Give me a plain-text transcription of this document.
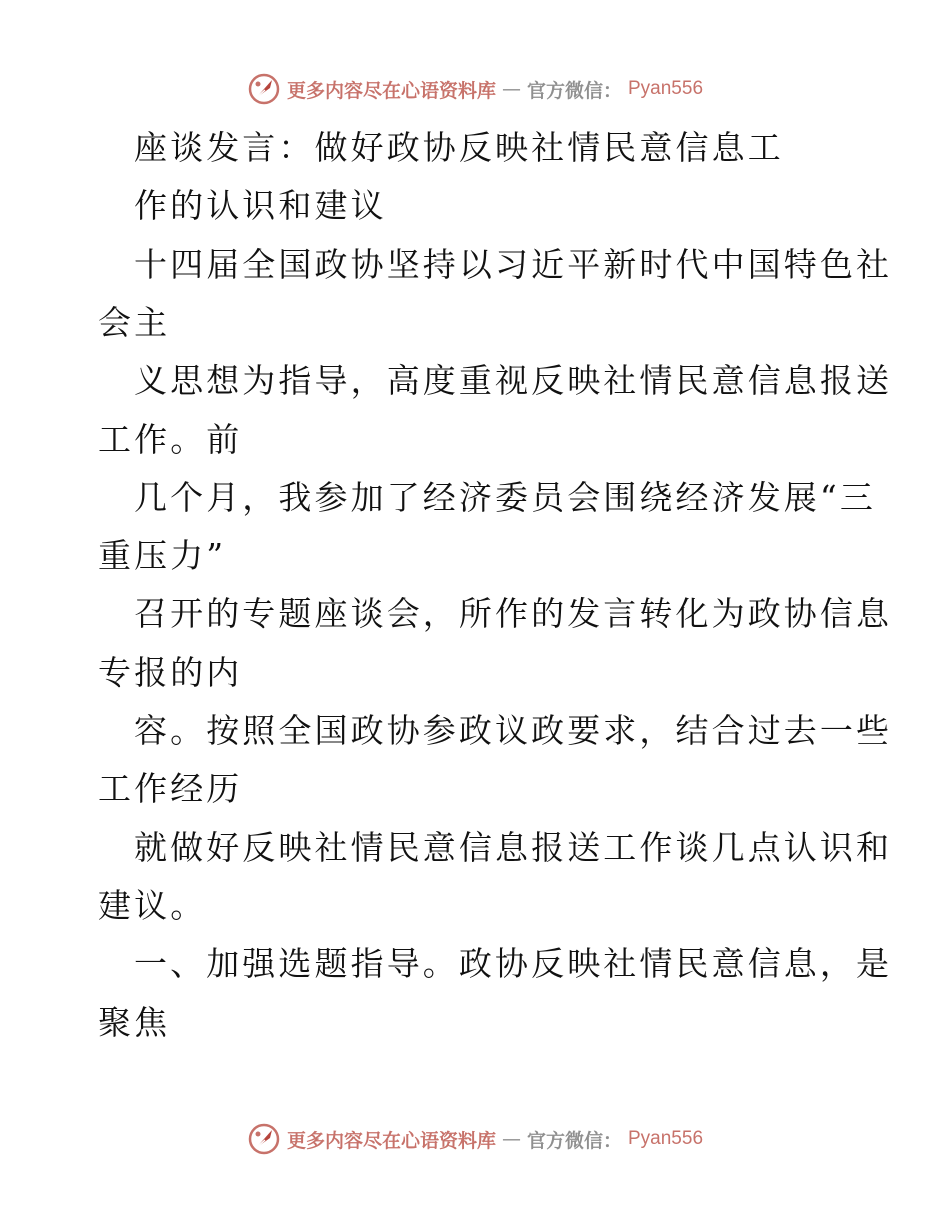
更多内容尽在心语资料库 — 官方微信： Pyan556
座谈发言：做好政协反映社情民意信息工
作的认识和建议
十四届全国政协坚持以习近平新时代中国特色社
会主
义思想为指导，高度重视反映社情民意信息报送
工作。前
几个月，我参加了经济委员会围绕经济发展“三
重压力”
召开的专题座谈会，所作的发言转化为政协信息
专报的内
容。按照全国政协参政议政要求，结合过去一些
工作经历
就做好反映社情民意信息报送工作谈几点认识和
建议。
一、加强选题指导。政协反映社情民意信息，是
聚焦
更多内容尽在心语资料库 — 官方微信： Pyan556
